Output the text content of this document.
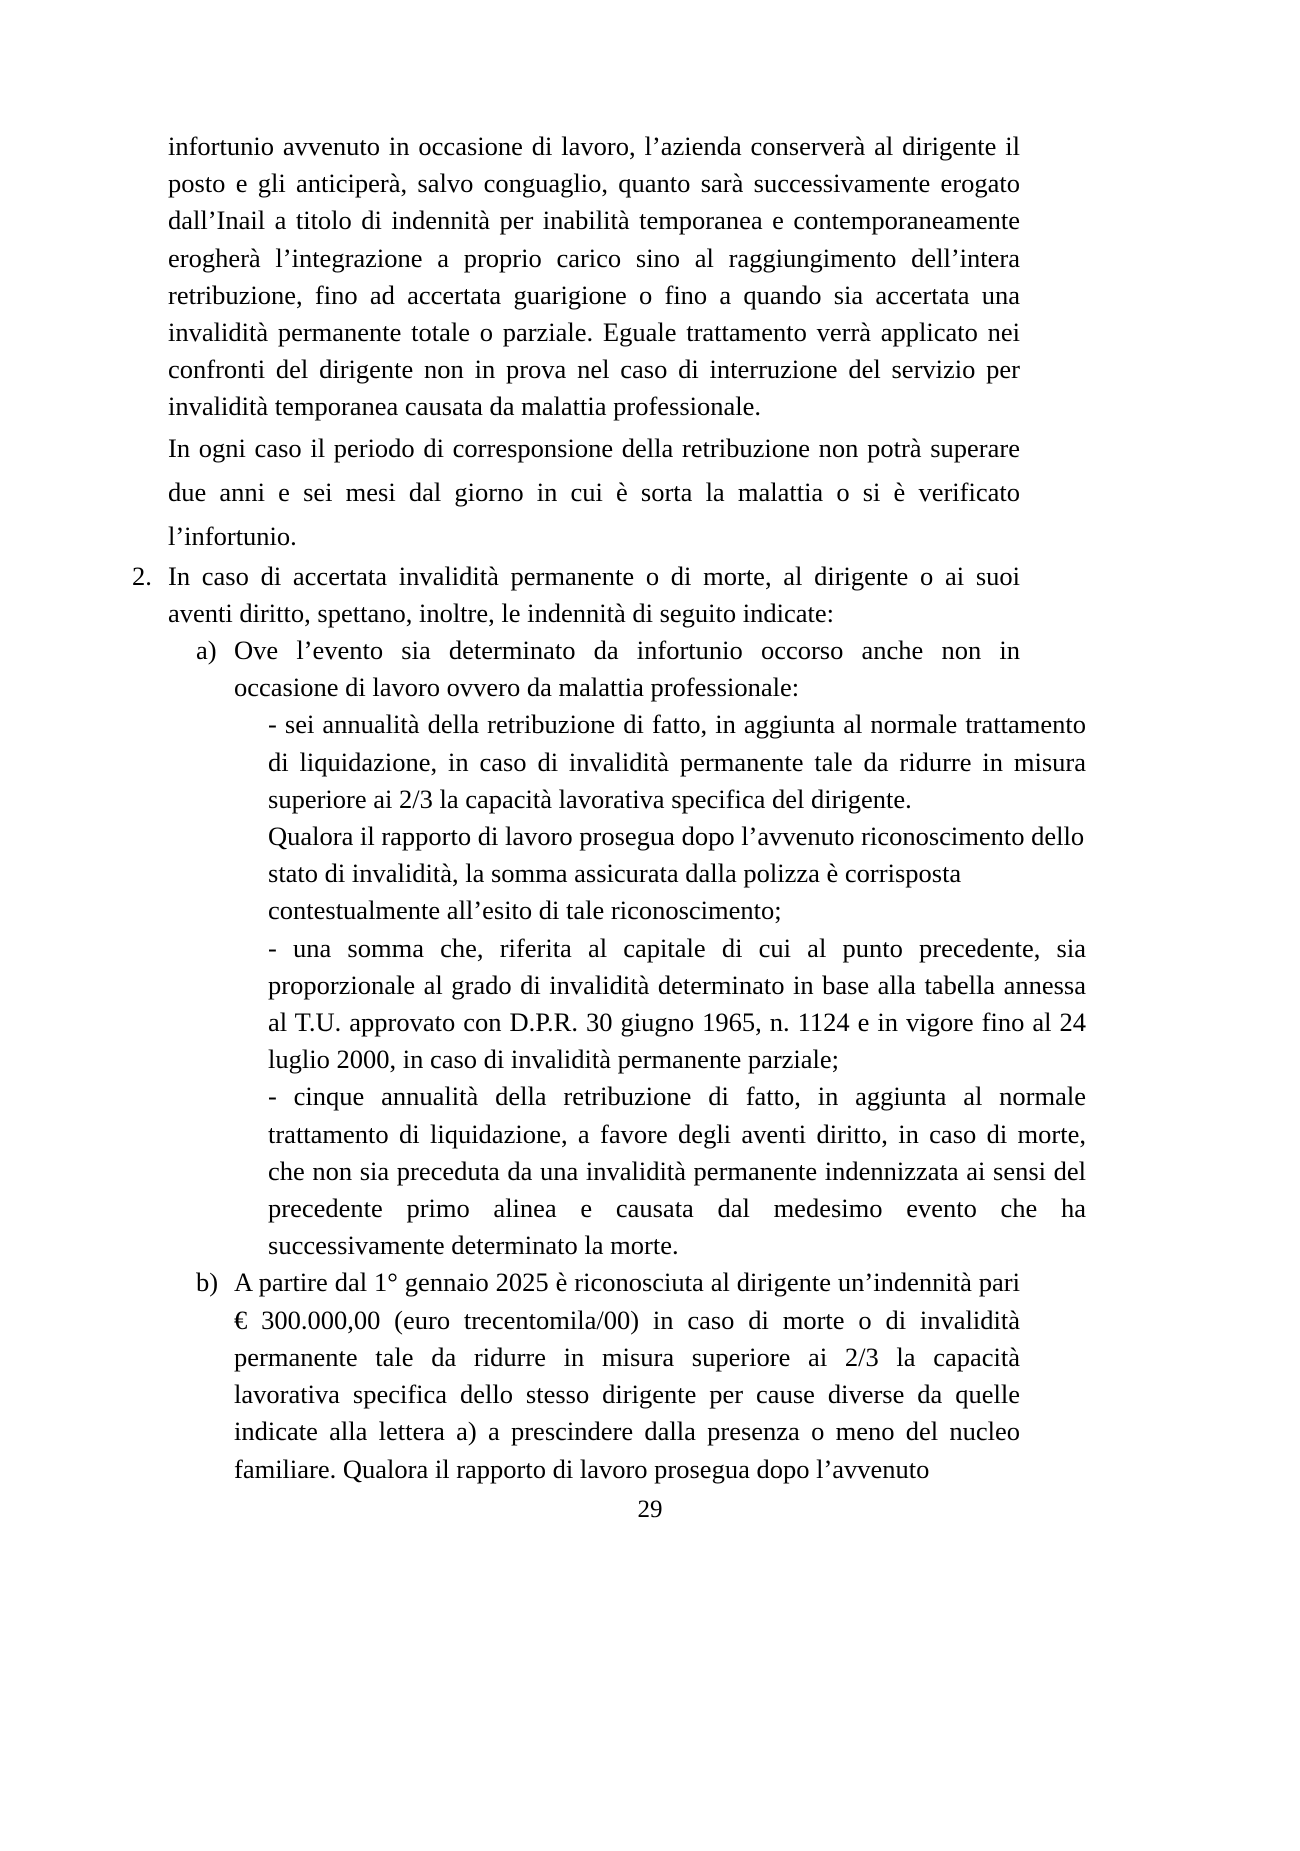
infortunio avvenuto in occasione di lavoro, l’azienda conserverà al dirigente il posto e gli anticiperà, salvo conguaglio, quanto sarà successivamente erogato dall’Inail a titolo di indennità per inabilità temporanea e contemporaneamente erogherà l’integrazione a proprio carico sino al raggiungimento dell’intera retribuzione, fino ad accertata guarigione o fino a quando sia accertata una invalidità permanente totale o parziale. Eguale trattamento verrà applicato nei confronti del dirigente non in prova nel caso di interruzione del servizio per invalidità temporanea causata da malattia professionale.

In ogni caso il periodo di corresponsione della retribuzione non potrà superare due anni e sei mesi dal giorno in cui è sorta la malattia o si è verificato l’infortunio.

2. In caso di accertata invalidità permanente o di morte, al dirigente o ai suoi aventi diritto, spettano, inoltre, le indennità di seguito indicate:

a) Ove l’evento sia determinato da infortunio occorso anche non in occasione di lavoro ovvero da malattia professionale:

- sei annualità della retribuzione di fatto, in aggiunta al normale trattamento di liquidazione, in caso di invalidità permanente tale da ridurre in misura superiore ai 2/3 la capacità lavorativa specifica del dirigente.

Qualora il rapporto di lavoro prosegua dopo l’avvenuto riconoscimento dello stato di invalidità, la somma assicurata dalla polizza è corrisposta contestualmente all’esito di tale riconoscimento;

- una somma che, riferita al capitale di cui al punto precedente, sia proporzionale al grado di invalidità determinato in base alla tabella annessa al T.U. approvato con D.P.R. 30 giugno 1965, n. 1124 e in vigore fino al 24 luglio 2000, in caso di invalidità permanente parziale;

- cinque annualità della retribuzione di fatto, in aggiunta al normale trattamento di liquidazione, a favore degli aventi diritto, in caso di morte, che non sia preceduta da una invalidità permanente indennizzata ai sensi del precedente primo alinea e causata dal medesimo evento che ha successivamente determinato la morte.

b) A partire dal 1° gennaio 2025 è riconosciuta al dirigente un’indennità pari € 300.000,00 (euro trecentomila/00) in caso di morte o di invalidità permanente tale da ridurre in misura superiore ai 2/3 la capacità lavorativa specifica dello stesso dirigente per cause diverse da quelle indicate alla lettera a) a prescindere dalla presenza o meno del nucleo familiare. Qualora il rapporto di lavoro prosegua dopo l’avvenuto

29
